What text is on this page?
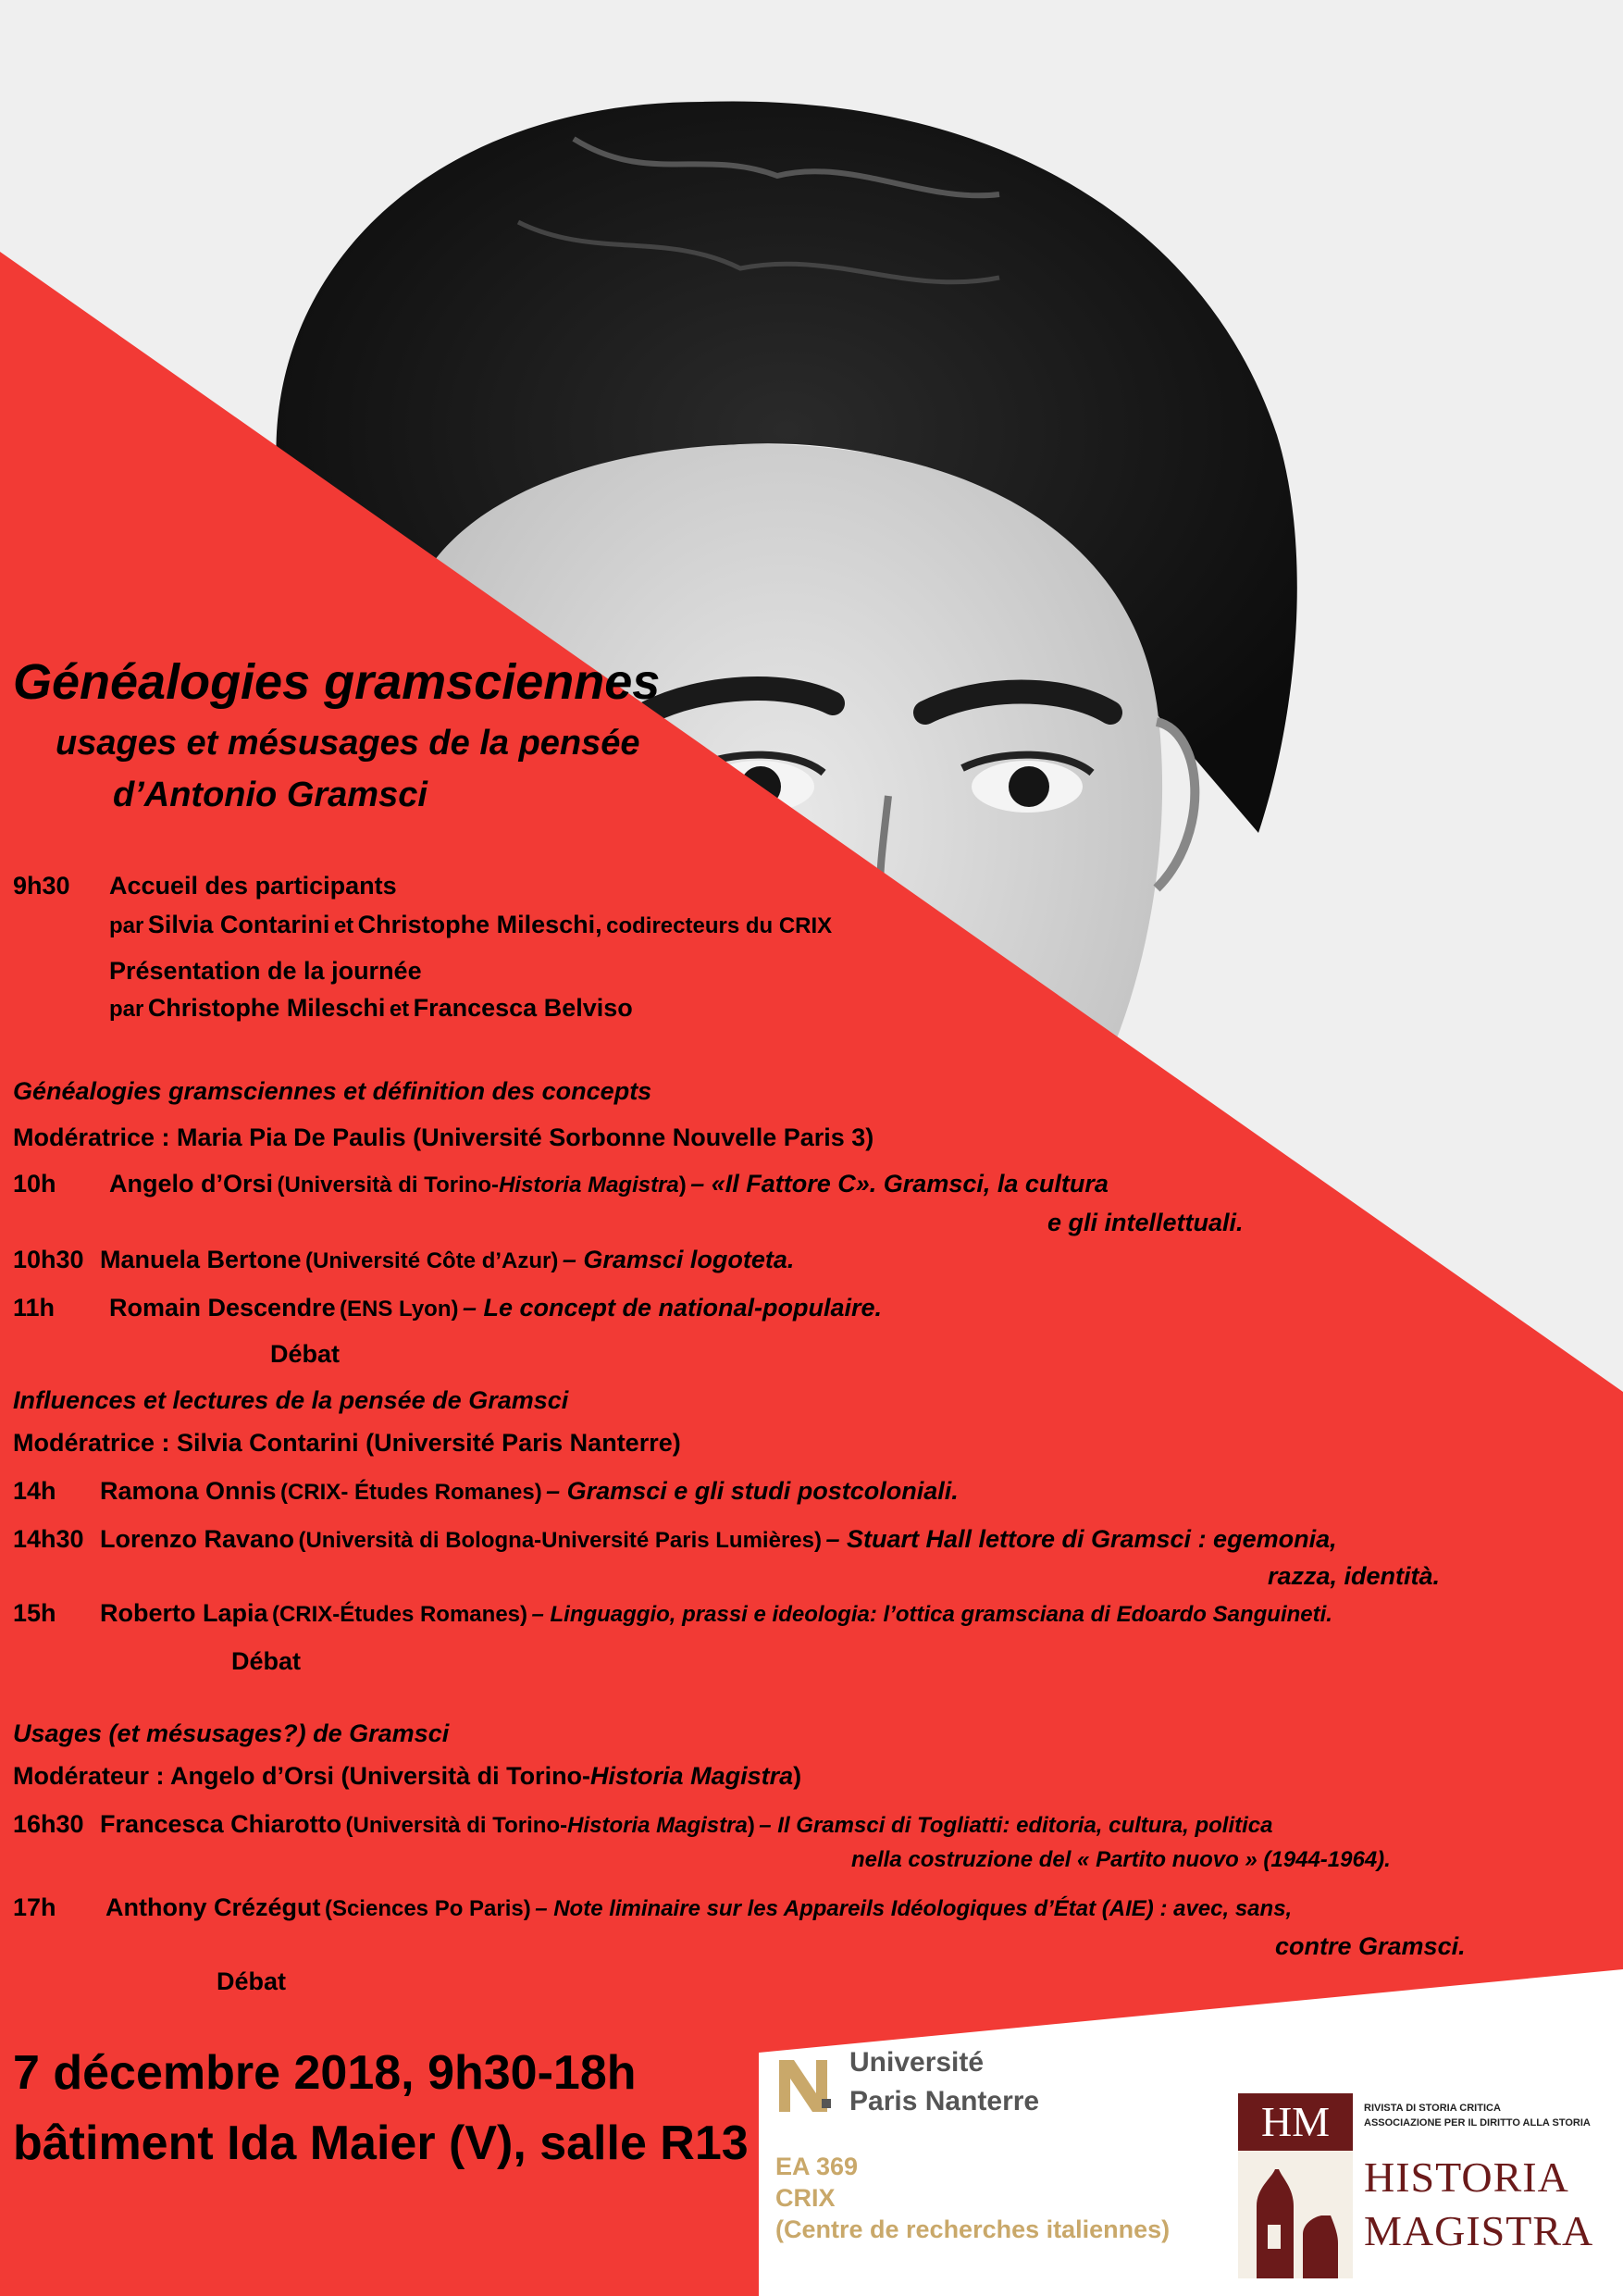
Généalogies gramsciennes
usages et mésusages de la pensée
d’Antonio Gramsci
9h30 Accueil des participants
par Silvia Contarini et Christophe Mileschi, codirecteurs du CRIX
Présentation de la journée
par Christophe Mileschi et Francesca Belviso
Généalogies gramsciennes et définition des concepts
Modératrice : Maria Pia De Paulis (Université Sorbonne Nouvelle Paris 3)
10h Angelo d’Orsi (Università di Torino-Historia Magistra) – «Il Fattore C». Gramsci, la cultura
e gli intellettuali.
10h30 Manuela Bertone (Université Côte d’Azur) – Gramsci logoteta.
11h Romain Descendre (ENS Lyon) – Le concept de national-populaire.
Débat
Influences et lectures de la pensée de Gramsci
Modératrice : Silvia Contarini (Université Paris Nanterre)
14h Ramona Onnis (CRIX- Études Romanes) – Gramsci e gli studi postcoloniali.
14h30 Lorenzo Ravano (Università di Bologna-Université Paris Lumières) – Stuart Hall lettore di Gramsci : egemonia,
razza, identità.
15h Roberto Lapia (CRIX-Études Romanes) – Linguaggio, prassi e ideologia: l’ottica gramsciana di Edoardo Sanguineti.
Débat
Usages (et mésusages?) de Gramsci
Modérateur : Angelo d’Orsi (Università di Torino-Historia Magistra)
16h30 Francesca Chiarotto (Università di Torino-Historia Magistra) – Il Gramsci di Togliatti: editoria, cultura, politica
nella costruzione del « Partito nuovo » (1944-1964).
17h Anthony Crézégut (Sciences Po Paris) – Note liminaire sur les Appareils Idéologiques d’État (AIE) : avec, sans,
contre Gramsci.
Débat
7 décembre 2018, 9h30-18h
bâtiment Ida Maier (V), salle R13
Université
Paris Nanterre
EA 369
CRIX
(Centre de recherches italiennes)
HM	RIVISTA DI STORIA CRITICA
ASSOCIAZIONE PER IL DIRITTO ALLA STORIA
HISTORIA
MAGISTRA
